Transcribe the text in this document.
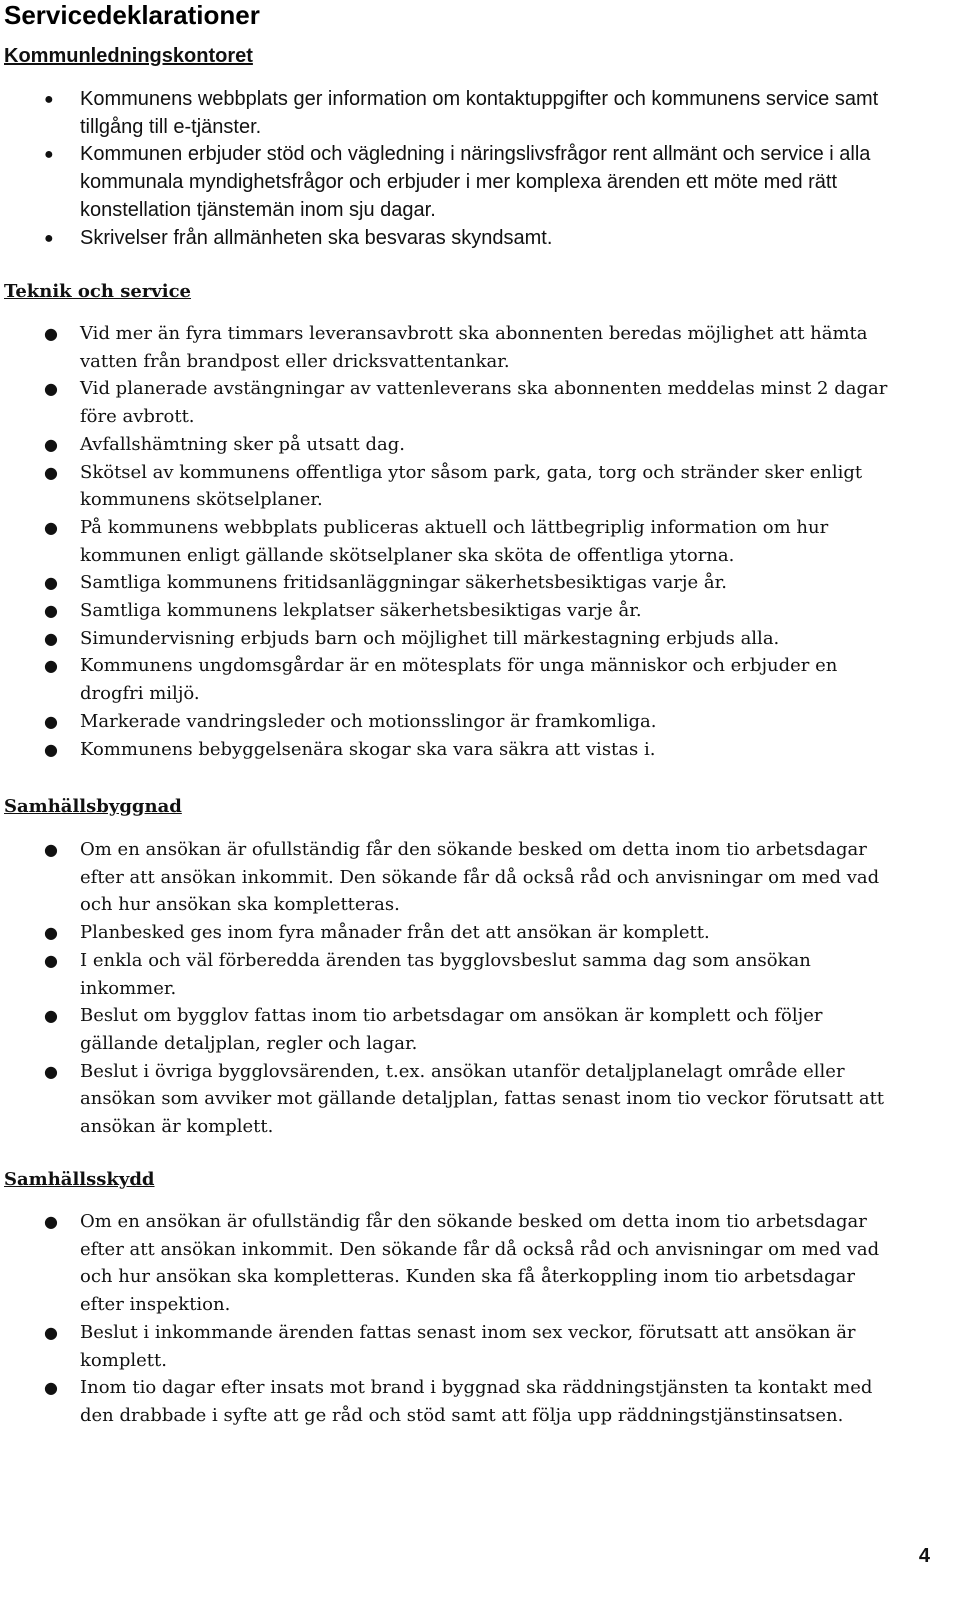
Servicedeklarationer
Kommunledningskontoret
● Kommunens webbplats ger information om kontaktuppgifter och kommunens service samt tillgång till e-tjänster.
● Kommunen erbjuder stöd och vägledning i näringslivsfrågor rent allmänt och service i alla kommunala myndighetsfrågor och erbjuder i mer komplexa ärenden ett möte med rätt konstellation tjänstemän inom sju dagar.
● Skrivelser från allmänheten ska besvaras skyndsamt.
Teknik och service
● Vid mer än fyra timmars leveransavbrott ska abonnenten beredas möjlighet att hämta vatten från brandpost eller dricksvattentankar.
● Vid planerade avstängningar av vattenleverans ska abonnenten meddelas minst 2 dagar före avbrott.
● Avfallshämtning sker på utsatt dag.
● Skötsel av kommunens offentliga ytor såsom park, gata, torg och stränder sker enligt kommunens skötselplaner.
● På kommunens webbplats publiceras aktuell och lättbegriplig information om hur kommunen enligt gällande skötselplaner ska sköta de offentliga ytorna.
● Samtliga kommunens fritidsanläggningar säkerhetsbesiktigas varje år.
● Samtliga kommunens lekplatser säkerhetsbesiktigas varje år.
● Simundervisning erbjuds barn och möjlighet till märkestagning erbjuds alla.
● Kommunens ungdomsgårdar är en mötesplats för unga människor och erbjuder en drogfri miljö.
● Markerade vandringsleder och motionsslingor är framkomliga.
● Kommunens bebyggelsenära skogar ska vara säkra att vistas i.
Samhällsbyggnad
● Om en ansökan är ofullständig får den sökande besked om detta inom tio arbetsdagar efter att ansökan inkommit. Den sökande får då också råd och anvisningar om med vad och hur ansökan ska kompletteras.
● Planbesked ges inom fyra månader från det att ansökan är komplett.
● I enkla och väl förberedda ärenden tas bygglovsbeslut samma dag som ansökan inkommer.
● Beslut om bygglov fattas inom tio arbetsdagar om ansökan är komplett och följer gällande detaljplan, regler och lagar.
● Beslut i övriga bygglovsärenden, t.ex. ansökan utanför detaljplanelagt område eller ansökan som avviker mot gällande detaljplan, fattas senast inom tio veckor förutsatt att ansökan är komplett.
Samhällsskydd
● Om en ansökan är ofullständig får den sökande besked om detta inom tio arbetsdagar efter att ansökan inkommit. Den sökande får då också råd och anvisningar om med vad och hur ansökan ska kompletteras. Kunden ska få återkoppling inom tio arbetsdagar efter inspektion.
● Beslut i inkommande ärenden fattas senast inom sex veckor, förutsatt att ansökan är komplett.
● Inom tio dagar efter insats mot brand i byggnad ska räddningstjänsten ta kontakt med den drabbade i syfte att ge råd och stöd samt att följa upp räddningstjänstinsatsen.
4
